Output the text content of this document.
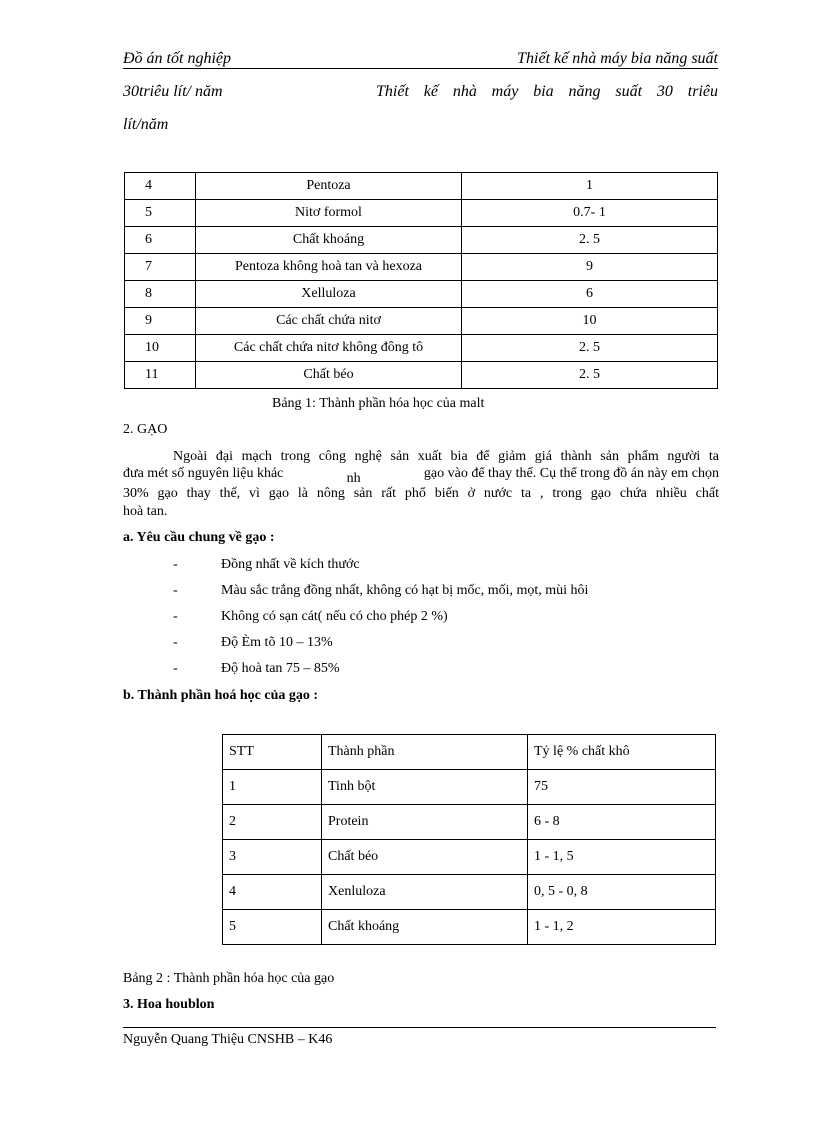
Đồ án tốt nghiệp	Thiết kế nhà máy bia năng suất
30triêu lít/ năm	Thiết kế nhà máy bia năng suất 30 triêu
lít/năm
4	Pentoza	1
5	Nitơ formol	0.7- 1
6	Chất khoáng	2. 5
7	Pentoza không hoà tan và hexoza	9
8	Xelluloza	6
9	Các chất chứa nitơ	10
10	Các chất chứa nitơ không đông tô	2. 5
11	Chất béo	2. 5
Bảng 1: Thành phần hóa học của malt
2. GẠO
Ngoài đại mạch trong công nghệ sản xuất bia để giảm giá thành sản phẩm người ta
đưa mét số nguyên liệu khác	nh	gạo vào để thay thế. Cụ thể trong đồ án này em chọn
30% gạo thay thế, vì gạo là nông sản rất phổ biến ở nước ta , trong gạo chứa nhiều chất
hoà tan.
a. Yêu cầu chung về gạo :
-	Đồng nhất về kích thước
-	Màu sắc trắng đồng nhất, không có hạt bị mốc, mối, mọt, mùi hôi
-	Không có sạn cát( nếu có cho phép 2 %)
-	Độ Èm tõ 10 – 13%
-	Độ hoà tan 75 – 85%
b. Thành phần hoá học của gạo :
STT	Thành phần	Tỷ lệ % chất khô
1	Tinh bột	75
2	Protein	6 - 8
3	Chất béo	1 - 1, 5
4	Xenluloza	0, 5 - 0, 8
5	Chất khoáng	1 - 1, 2
Bảng 2 : Thành phần hóa học của gạo
3. Hoa houblon
Nguyễn Quang Thiệu CNSHB – K46
